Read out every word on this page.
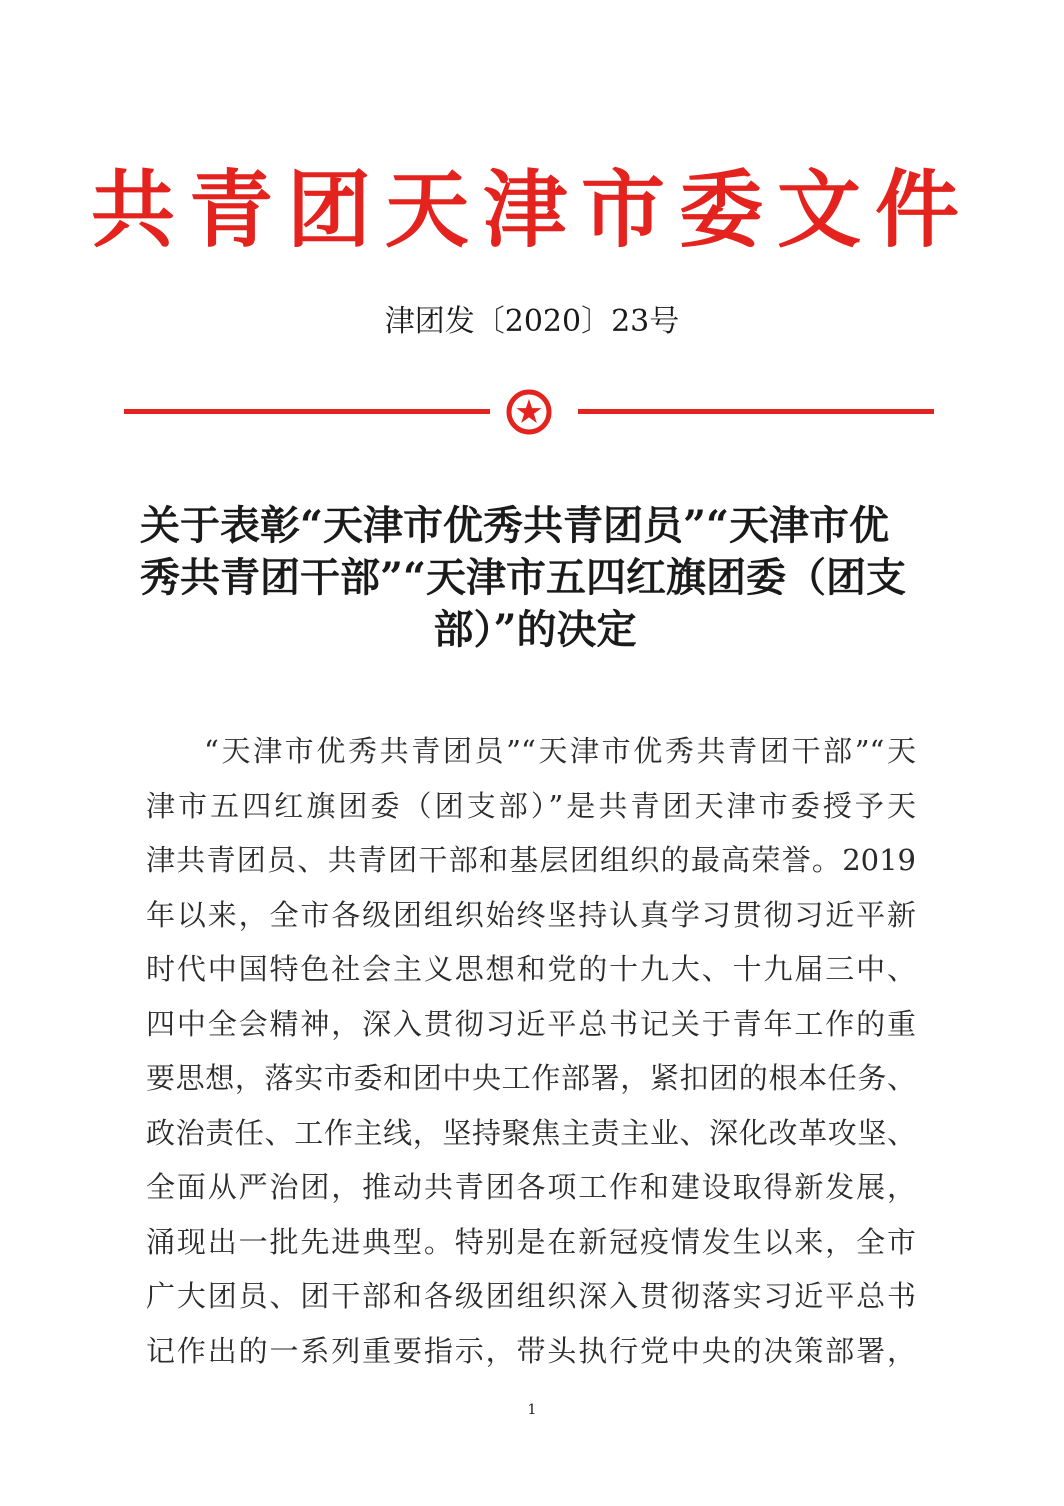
共青团天津市委文件
津团发〔2020〕23号
关于表彰“天津市优秀共青团员”“天津市优
秀共青团干部”“天津市五四红旗团委（团支
部）”的决定
“天津市优秀共青团员”“天津市优秀共青团干部”“天
津市五四红旗团委（团支部）”是共青团天津市委授予天
津共青团员、共青团干部和基层团组织的最高荣誉。2019
年以来，全市各级团组织始终坚持认真学习贯彻习近平新
时代中国特色社会主义思想和党的十九大、十九届三中、
四中全会精神，深入贯彻习近平总书记关于青年工作的重
要思想，落实市委和团中央工作部署，紧扣团的根本任务、
政治责任、工作主线，坚持聚焦主责主业、深化改革攻坚、
全面从严治团，推动共青团各项工作和建设取得新发展，
涌现出一批先进典型。特别是在新冠疫情发生以来，全市
广大团员、团干部和各级团组织深入贯彻落实习近平总书
记作出的一系列重要指示，带头执行党中央的决策部署，
1
